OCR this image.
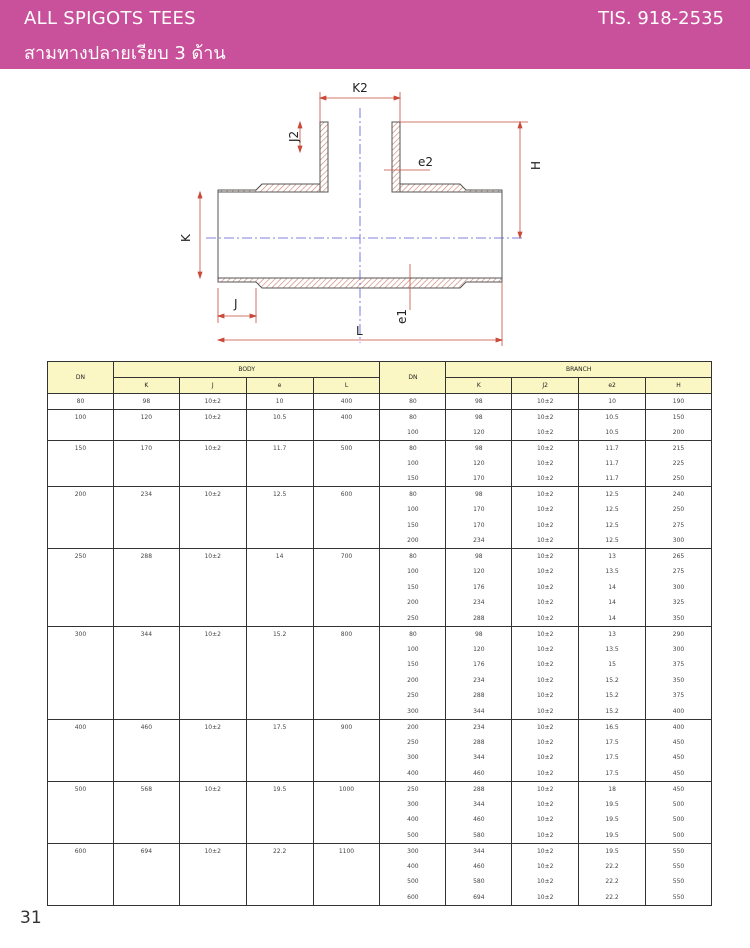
ALL SPIGOTS TEES	TIS. 918-2535
สามทางปลายเรียบ 3 ด้าน
K2
J2
H
e2
K
J
e1
L
DN	BODY				DN	BRANCH			
	K	J	e	L		K	J2	e2	H
80	98	10±2	10	400	80	98	10±2	10	190
100	120	10±2	10.5	400	80	98	10±2	10.5	150
					100	120	10±2	10.5	200
150	170	10±2	11.7	500	80	98	10±2	11.7	215
					100	120	10±2	11.7	225
					150	170	10±2	11.7	250
200	234	10±2	12.5	600	80	98	10±2	12.5	240
					100	170	10±2	12.5	250
					150	170	10±2	12.5	275
					200	234	10±2	12.5	300
250	288	10±2	14	700	80	98	10±2	13	265
					100	120	10±2	13.5	275
					150	176	10±2	14	300
					200	234	10±2	14	325
					250	288	10±2	14	350
300	344	10±2	15.2	800	80	98	10±2	13	290
					100	120	10±2	13.5	300
					150	176	10±2	15	375
					200	234	10±2	15.2	350
					250	288	10±2	15.2	375
					300	344	10±2	15.2	400
400	460	10±2	17.5	900	200	234	10±2	16.5	400
					250	288	10±2	17.5	450
					300	344	10±2	17.5	450
					400	460	10±2	17.5	450
500	568	10±2	19.5	1000	250	288	10±2	18	450
					300	344	10±2	19.5	500
					400	460	10±2	19.5	500
					500	580	10±2	19.5	500
600	694	10±2	22.2	1100	300	344	10±2	19.5	550
					400	460	10±2	22.2	550
					500	580	10±2	22.2	550
					600	694	10±2	22.2	550
31
